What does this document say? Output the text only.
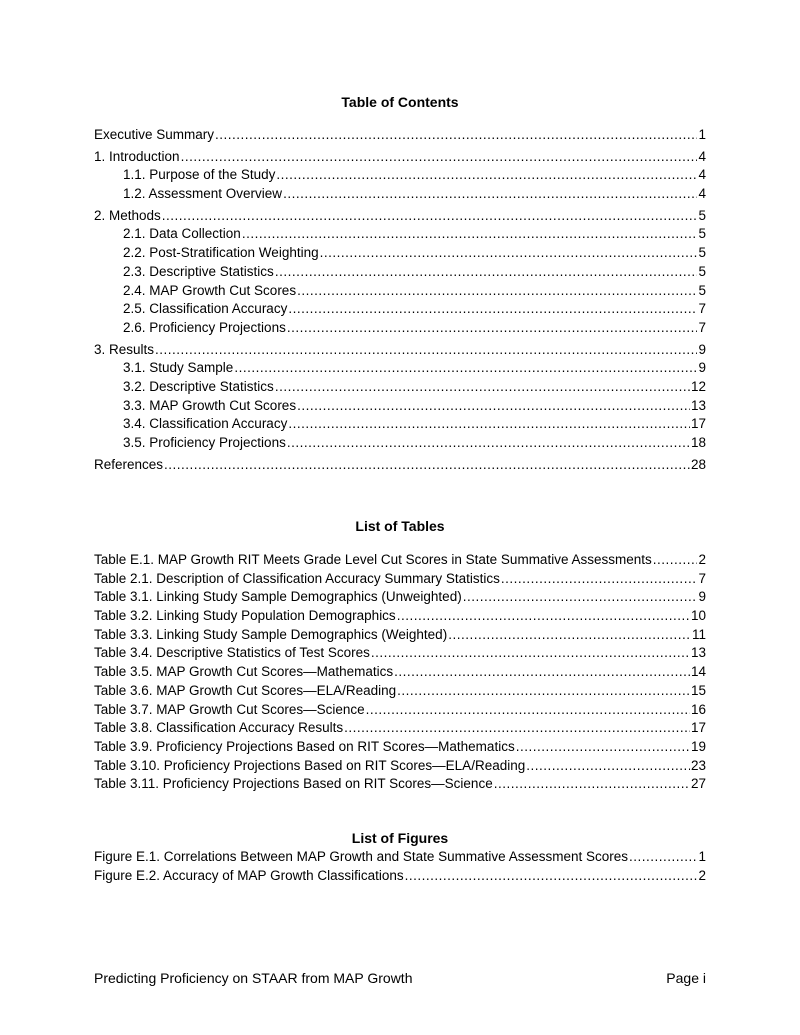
Table of Contents
Executive Summary .....	1
1. Introduction .....	4
1.1. Purpose of the Study .....	4
1.2. Assessment Overview .....	4
2. Methods .....	5
2.1. Data Collection .....	5
2.2. Post-Stratification Weighting .....	5
2.3. Descriptive Statistics .....	5
2.4. MAP Growth Cut Scores .....	5
2.5. Classification Accuracy .....	7
2.6. Proficiency Projections .....	7
3. Results .....	9
3.1. Study Sample .....	9
3.2. Descriptive Statistics .....	12
3.3. MAP Growth Cut Scores .....	13
3.4. Classification Accuracy .....	17
3.5. Proficiency Projections .....	18
References .....	28
List of Tables
Table E.1. MAP Growth RIT Meets Grade Level Cut Scores in State Summative Assessments .....	2
Table 2.1. Description of Classification Accuracy Summary Statistics .....	7
Table 3.1. Linking Study Sample Demographics (Unweighted) .....	9
Table 3.2. Linking Study Population Demographics .....	10
Table 3.3. Linking Study Sample Demographics (Weighted) .....	11
Table 3.4. Descriptive Statistics of Test Scores .....	13
Table 3.5. MAP Growth Cut Scores—Mathematics .....	14
Table 3.6. MAP Growth Cut Scores—ELA/Reading .....	15
Table 3.7. MAP Growth Cut Scores—Science .....	16
Table 3.8. Classification Accuracy Results .....	17
Table 3.9. Proficiency Projections Based on RIT Scores—Mathematics .....	19
Table 3.10. Proficiency Projections Based on RIT Scores—ELA/Reading .....	23
Table 3.11. Proficiency Projections Based on RIT Scores—Science .....	27
List of Figures
Figure E.1. Correlations Between MAP Growth and State Summative Assessment Scores .....	1
Figure E.2. Accuracy of MAP Growth Classifications .....	2
Predicting Proficiency on STAAR from MAP Growth	Page i
